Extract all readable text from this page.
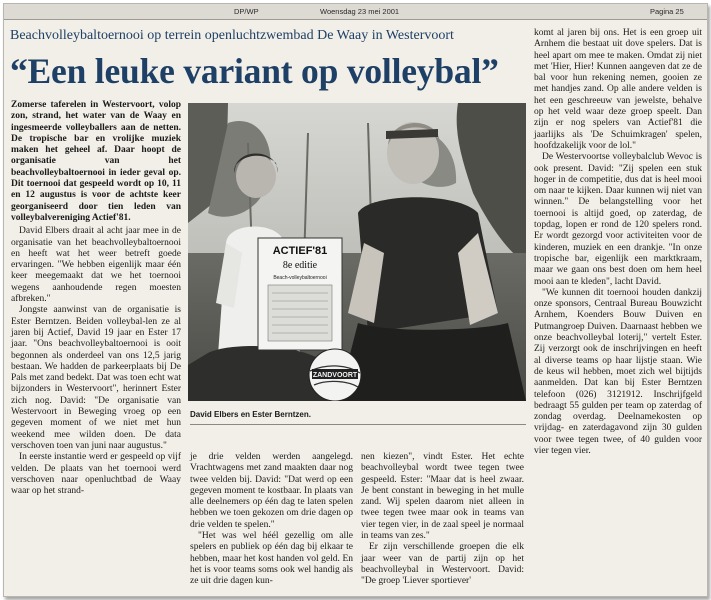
DP/WP	Woensdag 23 mei 2001	Pagina 25
Beachvolleybaltoernooi op terrein openluchtzwembad De Waay in Westervoort
“Een leuke variant op volleybal”

Zomerse taferelen in Westervoort, volop zon, strand, het water van de Waay en ingesmeerde volleyballers aan de netten. De tropische bar en vrolijke muziek maken het geheel af. Daar hoopt de organisatie van het beachvolleybaltoernooi in ieder geval op. Dit toernooi dat gespeeld wordt op 10, 11 en 12 augustus is voor de achtste keer georganiseerd door tien leden van volleybalvereniging Actief'81.

David Elbers draait al acht jaar mee in de organisatie van het beachvolleybaltoernooi en heeft wat het weer betreft goede ervaringen. "We hebben eigenlijk maar één keer meegemaakt dat we het toernooi wegens aanhoudende regen moesten afbreken."

Jongste aanwinst van de organisatie is Ester Berntzen. Beiden volleybal-len ze al jaren bij Actief, David 19 jaar en Ester 17 jaar. "Ons beachvolleybaltoernooi is ooit begonnen als onderdeel van ons 12,5 jarig bestaan. We hadden de parkeerplaats bij De Pals met zand bedekt. Dat was toen echt wat bijzonders in Westervoort", herinnert Ester zich nog. David: "De organisatie van Westervoort in Beweging vroeg op een gegeven moment of we niet met hun weekend mee wilden doen. De data verschoven toen van juni naar augustus."

In eerste instantie werd er gespeeld op vijf velden. De plaats van het toernooi werd verschoven naar openluchtbad de Waay waar op het strand-

ACTIEF'81
8e editie
Beach-volleybaltoernooi
ZANDVOORT
David Elbers en Ester Berntzen.

je drie velden werden aangelegd. Vrachtwagens met zand maakten daar nog twee velden bij. David: "Dat werd op een gegeven moment te kostbaar. In plaats van alle deelnemers op één dag te laten spelen hebben we toen gekozen om drie dagen op drie velden te spelen."

"Het was wel héél gezellig om alle spelers en publiek op één dag bij elkaar te hebben, maar het kost handen vol geld. En het is voor teams soms ook wel handig als ze uit drie dagen kun-

nen kiezen", vindt Ester. Het echte beachvolleybal wordt twee tegen twee gespeeld. Ester: "Maar dat is heel zwaar. Je bent constant in beweging in het mulle zand. Wij spelen daarom niet alleen in twee tegen twee maar ook in teams van vier tegen vier, in de zaal speel je normaal in teams van zes."

Er zijn verschillende groepen die elk jaar weer van de partij zijn op het beachvolleybal in Westervoort. David: "De groep 'Liever sportiever'

komt al jaren bij ons. Het is een groep uit Arnhem die bestaat uit dove spelers. Dat is heel apart om mee te maken. Omdat zij niet met 'Hier, Hier! Kunnen aangeven dat ze de bal voor hun rekening nemen, gooien ze met handjes zand. Op alle andere velden is het een geschreeuw van jewelste, behalve op het veld waar deze groep speelt. Dan zijn er nog spelers van Actief'81 die jaarlijks als 'De Schuimkragen' spelen, hoofdzakelijk voor de lol."

De Westervoortse volleybalclub Wevoc is ook present. David: "Zij spelen een stuk hoger in de competitie, dus dat is heel mooi om naar te kijken. Daar kunnen wij niet van winnen." De belangstelling voor het toernooi is altijd goed, op zaterdag, de topdag, lopen er rond de 120 spelers rond. Er wordt gezorgd voor activiteiten voor de kinderen, muziek en een drankje. "In onze tropische bar, eigenlijk een marktkraam, maar we gaan ons best doen om hem heel mooi aan te kleden", lacht David.

"We kunnen dit toernooi houden dankzij onze sponsors, Centraal Bureau Bouwzicht Arnhem, Koenders Bouw Duiven en Putmangroep Duiven. Daarnaast hebben we onze beachvolleybal loterij," vertelt Ester. Zij verzorgt ook de inschrijvingen en heeft al diverse teams op haar lijstje staan. Wie de keus wil hebben, moet zich wel bijtijds aanmelden. Dat kan bij Ester Berntzen telefoon (026) 3121912. Inschrijfgeld bedraagt 55 gulden per team op zaterdag of zondag overdag. Deelnamekosten op vrijdag- en zaterdagavond zijn 30 gulden voor twee tegen twee, of 40 gulden voor vier tegen vier.
